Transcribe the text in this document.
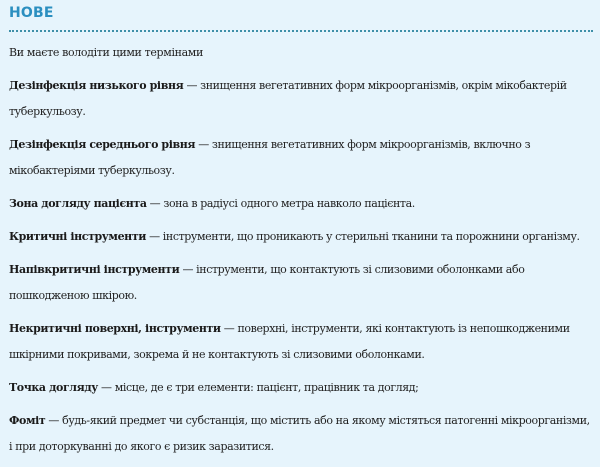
НОВЕ

Ви маєте володіти цими термінами

Дезінфекція низького рівня — знищення вегетативних форм мікроорганізмів, окрім мікобактерій туберкульозу.

Дезінфекція середнього рівня — знищення вегетативних форм мікроорганізмів, включно з мікобактеріями туберкульозу.

Зона догляду пацієнта — зона в радіусі одного метра навколо пацієнта.

Критичні інструменти — інструменти, що проникають у стерильні тканини та порожнини організму.

Напівкритичні інструменти — інструменти, що контактують зі слизовими оболонками або пошкодженою шкірою.

Некритичні поверхні, інструменти — поверхні, інструменти, які контактують із непошкодженими шкірними покривами, зокрема й не контактують зі слизовими оболонками.

Точка догляду — місце, де є три елементи: пацієнт, працівник та догляд;

Фоміт — будь-який предмет чи субстанція, що містить або на якому містяться патогенні мікроорганізми, і при доторкуванні до якого є ризик заразитися.
